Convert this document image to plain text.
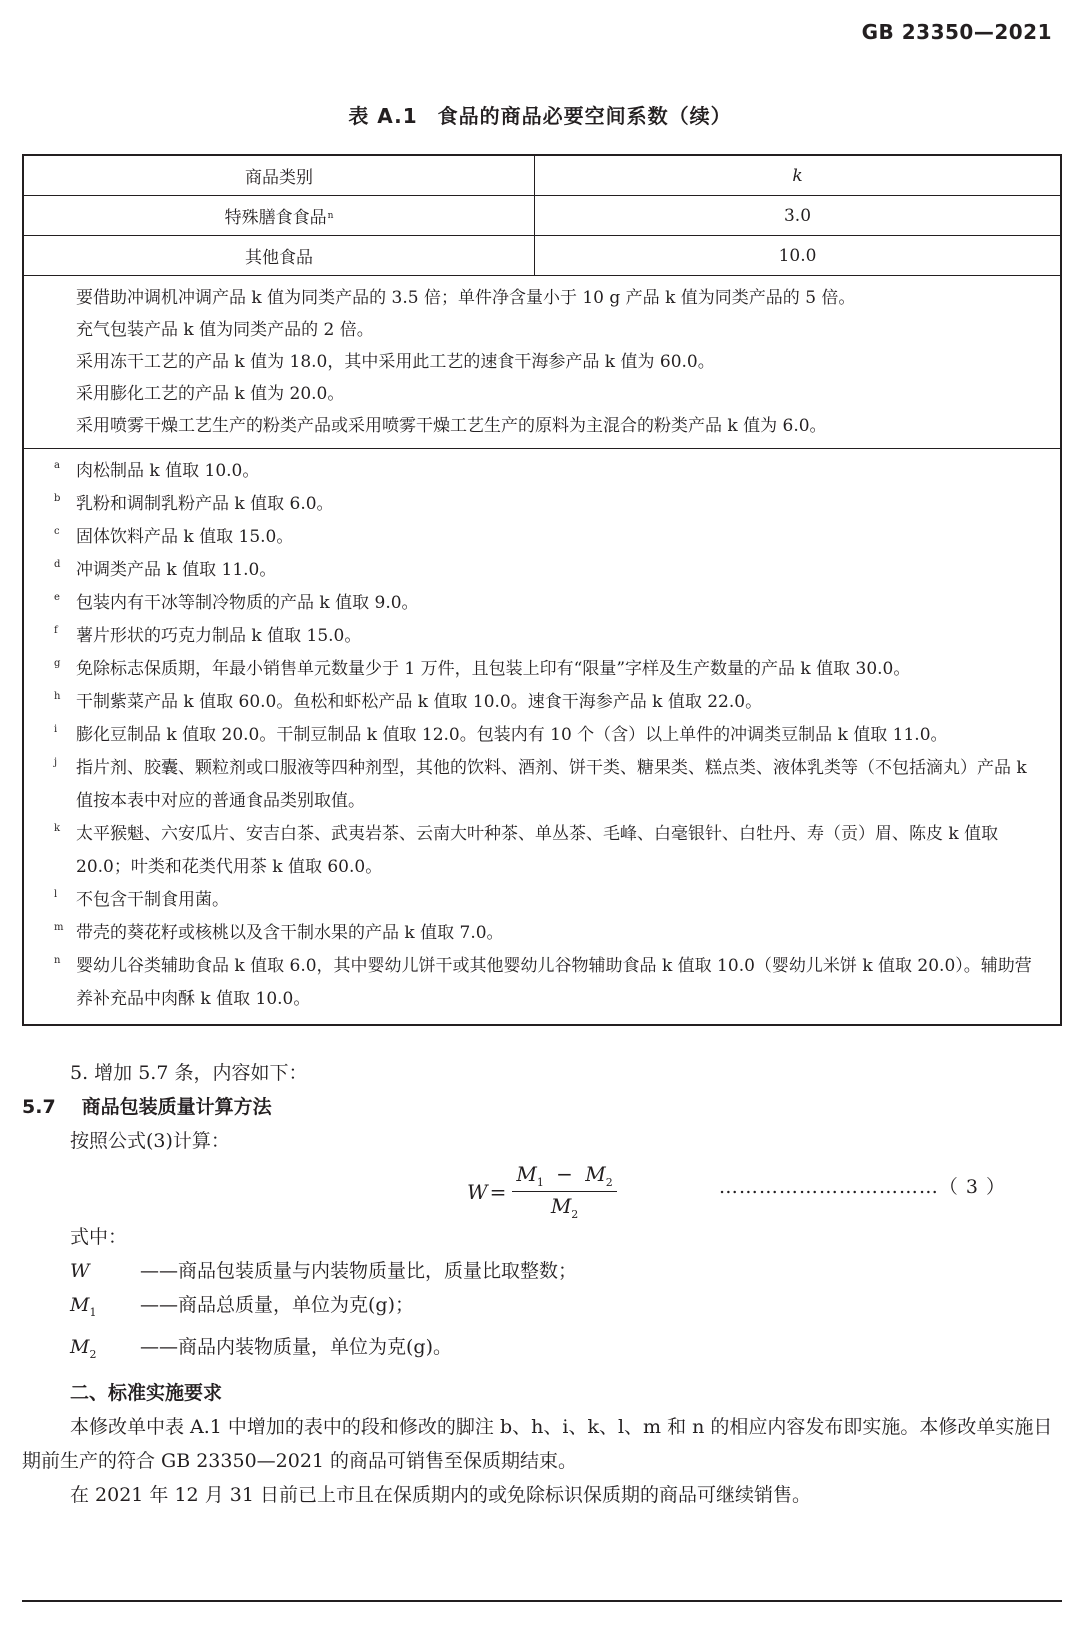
GB 23350—2021
表 A.1 食品的商品必要空间系数（续）
商品类别	k
特殊膳食食品 n	3.0
其他食品	10.0
要借助冲调机冲调产品 k 值为同类产品的 3.5 倍；单件净含量小于 10 g 产品 k 值为同类产品的 5 倍。
充气包装产品 k 值为同类产品的 2 倍。
采用冻干工艺的产品 k 值为 18.0，其中采用此工艺的速食干海参产品 k 值为 60.0。
采用膨化工艺的产品 k 值为 20.0。
采用喷雾干燥工艺生产的粉类产品或采用喷雾干燥工艺生产的原料为主混合的粉类产品 k 值为 6.0。
a 肉松制品 k 值取 10.0。
b 乳粉和调制乳粉产品 k 值取 6.0。
c 固体饮料产品 k 值取 15.0。
d 冲调类产品 k 值取 11.0。
e 包装内有干冰等制冷物质的产品 k 值取 9.0。
f	薯片形状的巧克力制品 k 值取 15.0。
g 免除标志保质期，年最小销售单元数量少于 1 万件，且包装上印有“限量”字样及生产数量的产品 k 值取 30.0。
h 干制紫菜产品 k 值取 60.0。鱼松和虾松产品 k 值取 10.0。速食干海参产品 k 值取 22.0。
i	膨化豆制品 k 值取 20.0。干制豆制品 k 值取 12.0。包装内有 10 个（含）以上单件的冲调类豆制品 k 值取 11.0。
j	指片剂、胶囊、颗粒剂或口服液等四种剂型，其他的饮料、酒剂、饼干类、糖果类、糕点类、液体乳类等（不包括滴丸）产品 k 值按本表中对应的普通食品类别取值。
k 太平猴魁、六安瓜片、安吉白茶、武夷岩茶、云南大叶种茶、单丛茶、毛峰、白毫银针、白牡丹、寿（贡）眉、陈皮 k 值取 20.0；叶类和花类代用茶 k 值取 60.0。
l	不包含干制食用菌。
m 带壳的葵花籽或核桃以及含干制水果的产品 k 值取 7.0。
n 婴幼儿谷类辅助食品 k 值取 6.0，其中婴幼儿饼干或其他婴幼儿谷物辅助食品 k 值取 10.0（婴幼儿米饼 k 值取 20.0）。辅助营养补充品中肉酥 k 值取 10.0。
5. 增加 5.7 条，内容如下：
5.7 商品包装质量计算方法
按照公式(3)计算：
$W = \frac{M_1 - M_2}{M_2}$	……………………………（ 3 ）
式中：
W	——商品包装质量与内装物质量比，质量比取整数；
$M_1$	——商品总质量，单位为克(g)；
$M_2$	——商品内装物质量，单位为克(g)。
二、标准实施要求
本修改单中表 A.1 中增加的表中的段和修改的脚注 b、h、i、k、l、m 和 n 的相应内容发布即实施。本修改单实施日期前生产的符合 GB 23350—2021 的商品可销售至保质期结束。
在 2021 年 12 月 31 日前已上市且在保质期内的或免除标识保质期的商品可继续销售。
